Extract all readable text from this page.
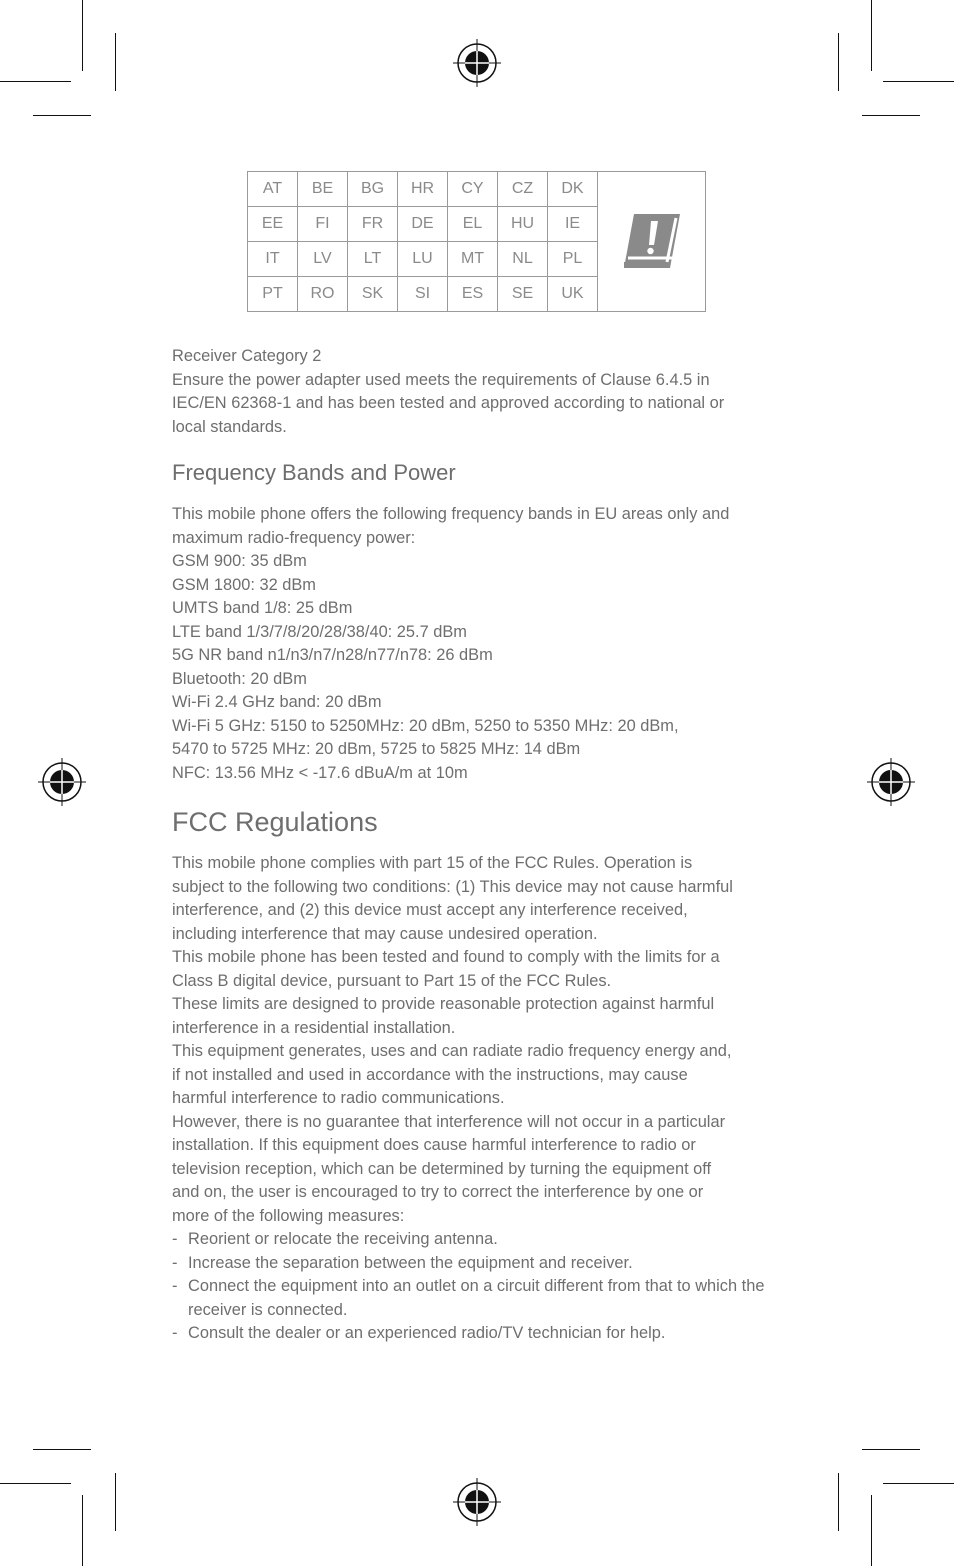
AT	BE	BG	HR	CY	CZ	DK	

EE	FI	FR	DE	EL	HU	IE	
IT	LV	LT	LU	MT	NL	PL	
PT	RO	SK	SI	ES	SE	UK	

Receiver Category 2

Ensure the power adapter used meets the requirements of Clause 6.4.5 in

IEC/EN 62368-1 and has been tested and approved according to national or

local standards.

Frequency Bands and Power

This mobile phone offers the following frequency bands in EU areas only and

maximum radio-frequency power:

GSM 900: 35 dBm

GSM 1800: 32 dBm

UMTS band 1/8: 25 dBm

LTE band 1/3/7/8/20/28/38/40: 25.7 dBm

5G NR band n1/n3/n7/n28/n77/n78: 26 dBm

Bluetooth: 20 dBm

Wi-Fi 2.4 GHz band: 20 dBm

Wi-Fi 5 GHz: 5150 to 5250MHz: 20 dBm, 5250 to 5350 MHz: 20 dBm,

5470 to 5725 MHz: 20 dBm, 5725 to 5825 MHz: 14 dBm

NFC: 13.56 MHz < -17.6 dBuA/m at 10m

FCC Regulations

This mobile phone complies with part 15 of the FCC Rules. Operation is

subject to the following two conditions: (1) This device may not cause harmful

interference, and (2) this device must accept any interference received,

including interference that may cause undesired operation.

This mobile phone has been tested and found to comply with the limits for a

Class B digital device, pursuant to Part 15 of the FCC Rules.

These limits are designed to provide reasonable protection against harmful

interference in a residential installation.

This equipment generates, uses and can radiate radio frequency energy and,

if not installed and used in accordance with the instructions, may cause

harmful interference to radio communications.

However, there is no guarantee that interference will not occur in a particular

installation. If this equipment does cause harmful interference to radio or

television reception, which can be determined by turning the equipment off

and on, the user is encouraged to try to correct the interference by one or

more of the following measures:

- Reorient or relocate the receiving antenna.
- Increase the separation between the equipment and receiver.
- Connect the equipment into an outlet on a circuit different from that to which the receiver is connected.
- Consult the dealer or an experienced radio/TV technician for help.
